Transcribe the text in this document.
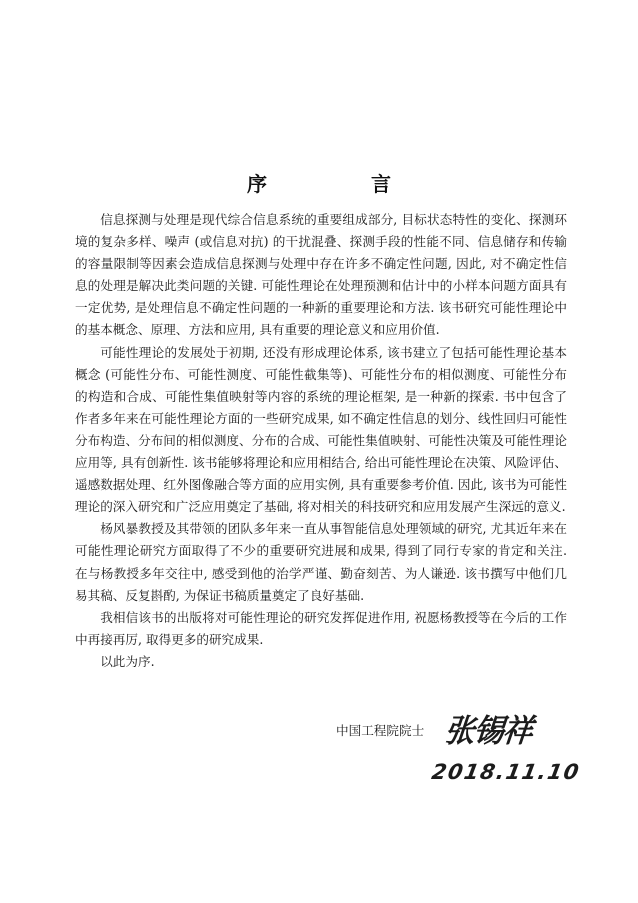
序　言

信息探测与处理是现代综合信息系统的重要组成部分, 目标状态特性的变化、探测环境的复杂多样、噪声 (或信息对抗) 的干扰混叠、探测手段的性能不同、信息储存和传输的容量限制等因素会造成信息探测与处理中存在许多不确定性问题, 因此, 对不确定性信息的处理是解决此类问题的关键. 可能性理论在处理预测和估计中的小样本问题方面具有一定优势, 是处理信息不确定性问题的一种新的重要理论和方法. 该书研究可能性理论中的基本概念、原理、方法和应用, 具有重要的理论意义和应用价值.

可能性理论的发展处于初期, 还没有形成理论体系, 该书建立了包括可能性理论基本概念 (可能性分布、可能性测度、可能性截集等)、可能性分布的相似测度、可能性分布的构造和合成、可能性集值映射等内容的系统的理论框架, 是一种新的探索. 书中包含了作者多年来在可能性理论方面的一些研究成果, 如不确定性信息的划分、线性回归可能性分布构造、分布间的相似测度、分布的合成、可能性集值映射、可能性决策及可能性理论应用等, 具有创新性. 该书能够将理论和应用相结合, 给出可能性理论在决策、风险评估、遥感数据处理、红外图像融合等方面的应用实例, 具有重要参考价值. 因此, 该书为可能性理论的深入研究和广泛应用奠定了基础, 将对相关的科技研究和应用发展产生深远的意义.

杨风暴教授及其带领的团队多年来一直从事智能信息处理领域的研究, 尤其近年来在可能性理论研究方面取得了不少的重要研究进展和成果, 得到了同行专家的肯定和关注. 在与杨教授多年交往中, 感受到他的治学严谨、勤奋刻苦、为人谦逊. 该书撰写中他们几易其稿、反复斟酌, 为保证书稿质量奠定了良好基础.

我相信该书的出版将对可能性理论的研究发挥促进作用, 祝愿杨教授等在今后的工作中再接再厉, 取得更多的研究成果.

以此为序.

中国工程院院士 张锡祥
2018.11.10
